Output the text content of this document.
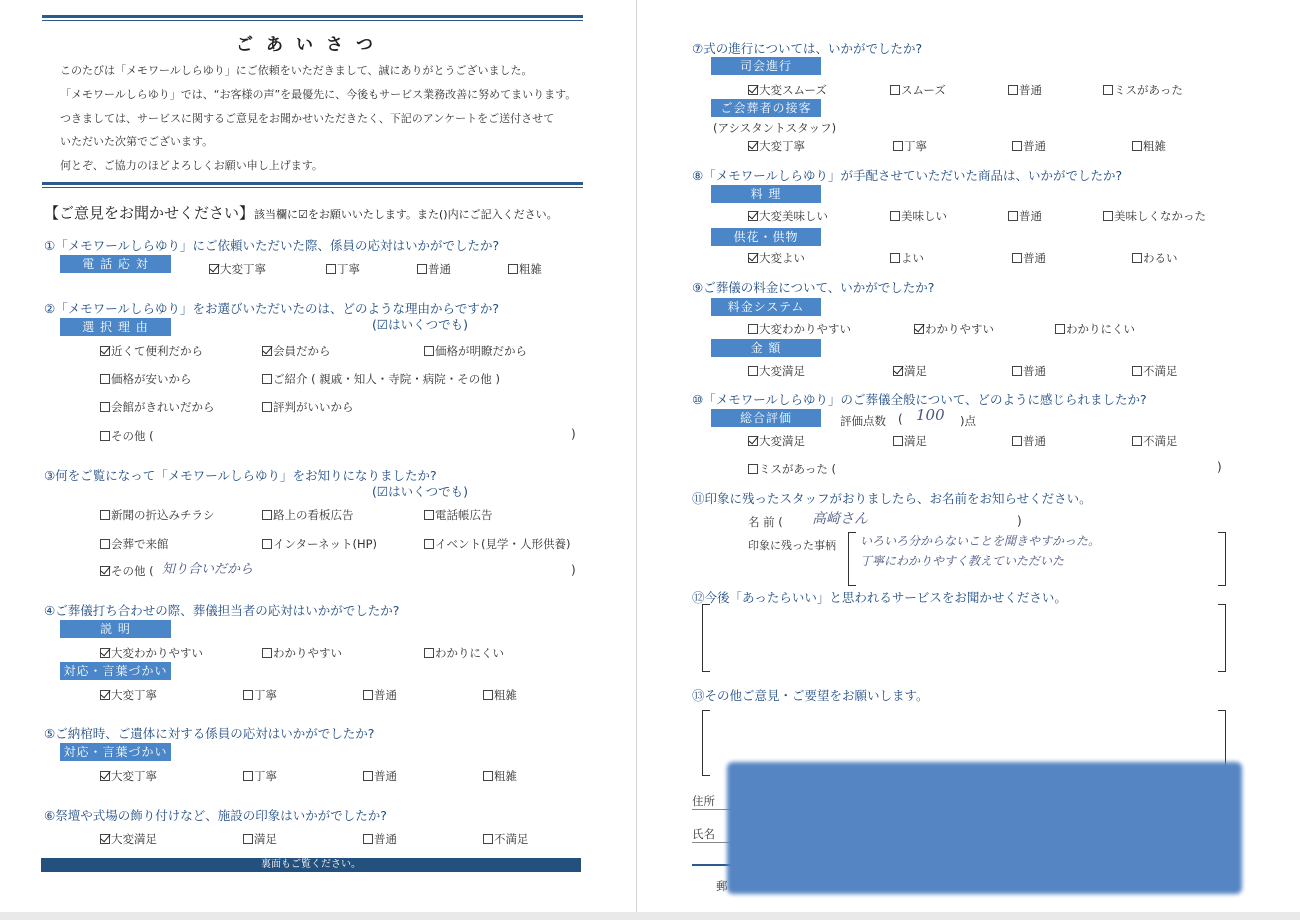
ごあいさつ
このたびは「メモワールしらゆり」にご依頼をいただきまして、誠にありがとうございました。
「メモワールしらゆり」では、“お客様の声”を最優先に、今後もサービス業務改善に努めてまいります。
つきましては、サービスに関するご意見をお聞かせいただきたく、下記のアンケートをご送付させて
いただいた次第でございます。
何とぞ、ご協力のほどよろしくお願い申し上げます。
【ご意見をお聞かせください】該当欄に☑をお願いいたします。また()内にご記入ください。
①「メモワールしらゆり」にご依頼いただいた際、係員の応対はいかがでしたか?
電 話 応 対	大変丁寧	丁寧	普通	粗雑
②「メモワールしらゆり」をお選びいただいたのは、どのような理由からですか?
選 択 理 由	(☑はいくつでも)
近くて便利だから	会員だから	価格が明瞭だから
価格が安いから	ご紹介 ( 親戚・知人・寺院・病院・その他 )
会館がきれいだから	評判がいいから
その他 (	)
③何をご覧になって「メモワールしらゆり」をお知りになりましたか?
(☑はいくつでも)
新聞の折込みチラシ	路上の看板広告	電話帳広告
会葬で来館	インターネット(HP)	イベント(見学・人形供養)
その他 ( 知り合いだから	)
④ご葬儀打ち合わせの際、葬儀担当者の応対はいかがでしたか?
説 明
大変わかりやすい	わかりやすい	わかりにくい
対応・言葉づかい
大変丁寧	丁寧	普通	粗雑
⑤ご納棺時、ご遺体に対する係員の応対はいかがでしたか?
対応・言葉づかい
大変丁寧	丁寧	普通	粗雑
⑥祭壇や式場の飾り付けなど、施設の印象はいかがでしたか?
大変満足	満足	普通	不満足
裏面もご覧ください。
⑦式の進行については、いかがでしたか?
司会進行
大変スムーズ	スムーズ	普通	ミスがあった
ご会葬者の接客
(アシスタントスタッフ)
大変丁寧	丁寧	普通	粗雑
⑧「メモワールしらゆり」が手配させていただいた商品は、いかがでしたか?
料 理
大変美味しい	美味しい	普通	美味しくなかった
供花・供物
大変よい	よい	普通	わるい
⑨ご葬儀の料金について、いかがでしたか?
料金システム
大変わかりやすい	わかりやすい	わかりにくい
金 額
大変満足	満足	普通	不満足
⑩「メモワールしらゆり」のご葬儀全般について、どのように感じられましたか?
総合評価	評価点数 ( 100 )点
大変満足	満足	普通	不満足
ミスがあった (	)
⑪印象に残ったスタッフがおりましたら、お名前をお知らせください。
名 前 ( 高崎さん	)
印象に残った事柄 いろいろ分からないことを聞きやすかった。
丁寧にわかりやすく教えていただいた
⑫今後「あったらいい」と思われるサービスをお聞かせください。
⑬その他ご意見・ご要望をお願いします。
住所
氏名
郵
